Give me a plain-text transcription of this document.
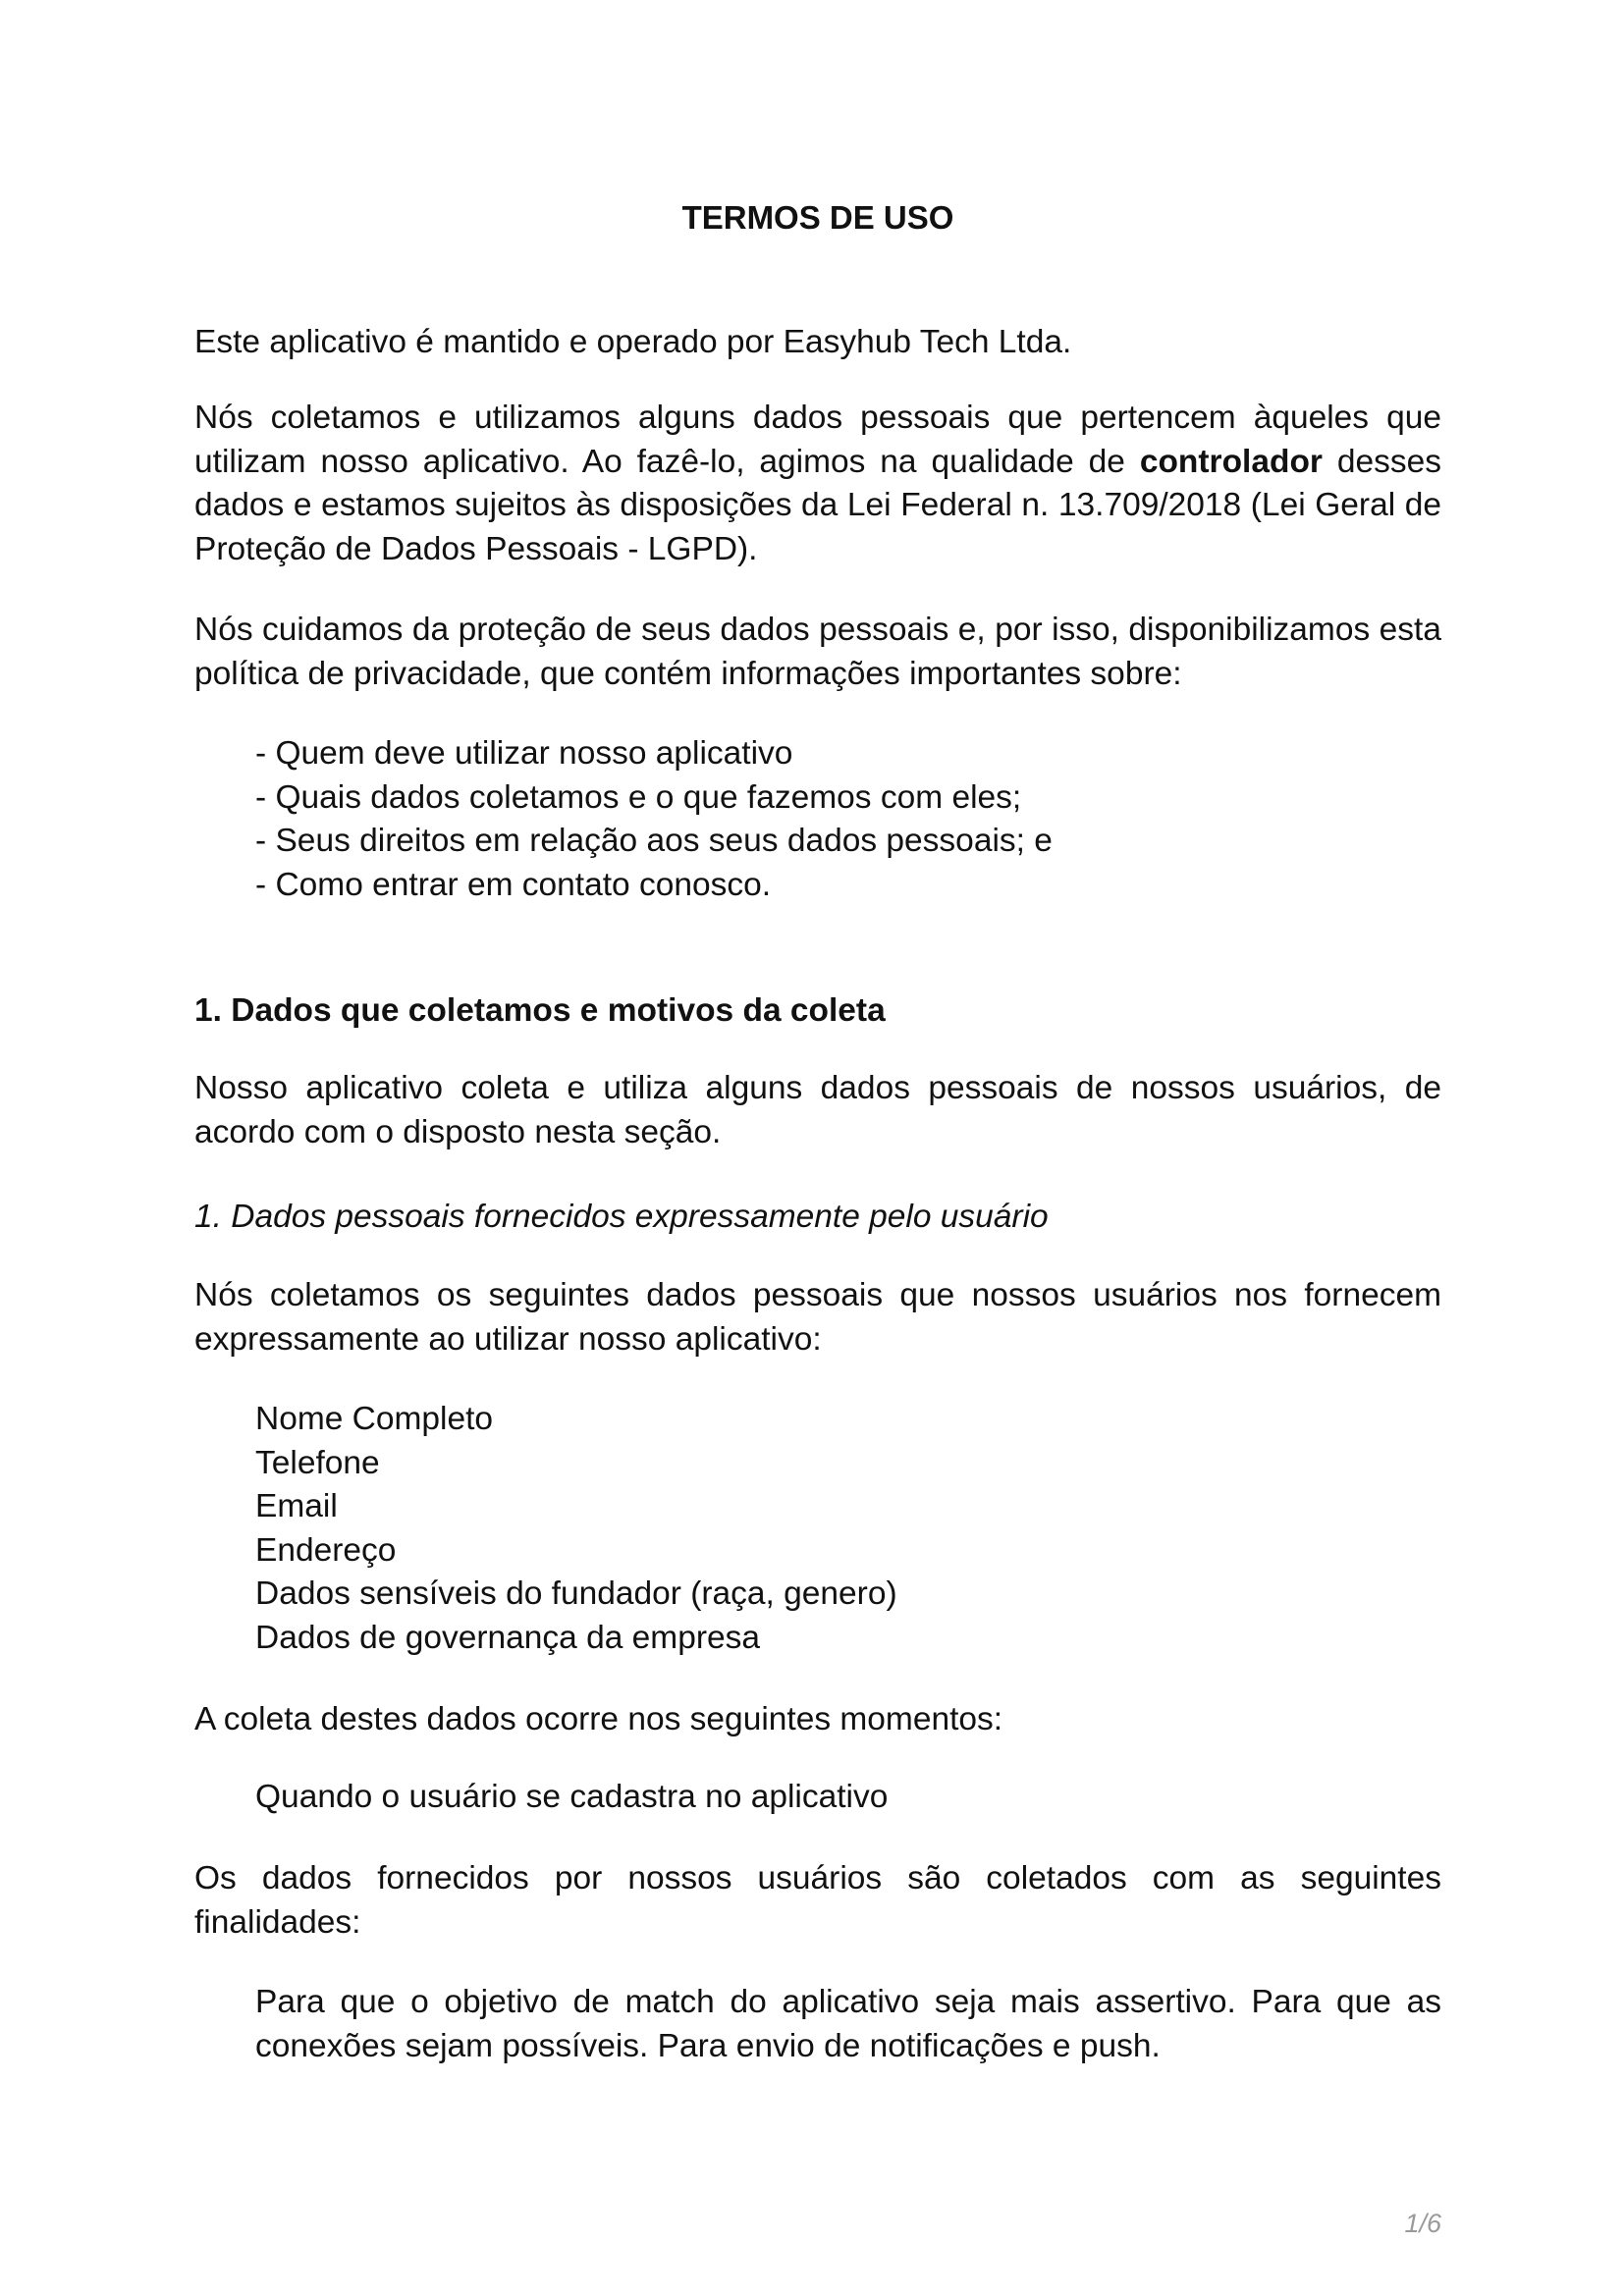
TERMOS DE USO

Este aplicativo é mantido e operado por Easyhub Tech Ltda.

Nós coletamos e utilizamos alguns dados pessoais que pertencem àqueles que utilizam nosso aplicativo. Ao fazê-lo, agimos na qualidade de controlador desses dados e estamos sujeitos às disposições da Lei Federal n. 13.709/2018 (Lei Geral de Proteção de Dados Pessoais - LGPD).

Nós cuidamos da proteção de seus dados pessoais e, por isso, disponibilizamos esta política de privacidade, que contém informações importantes sobre:

- Quem deve utilizar nosso aplicativo
- Quais dados coletamos e o que fazemos com eles;
- Seus direitos em relação aos seus dados pessoais; e
- Como entrar em contato conosco.
1. Dados que coletamos e motivos da coleta

Nosso aplicativo coleta e utiliza alguns dados pessoais de nossos usuários, de acordo com o disposto nesta seção.

1. Dados pessoais fornecidos expressamente pelo usuário

Nós coletamos os seguintes dados pessoais que nossos usuários nos fornecem expressamente ao utilizar nosso aplicativo:

Nome Completo
Telefone
Email
Endereço
Dados sensíveis do fundador (raça, genero)
Dados de governança da empresa

A coleta destes dados ocorre nos seguintes momentos:

Quando o usuário se cadastra no aplicativo

Os dados fornecidos por nossos usuários são coletados com as seguintes finalidades:

Para que o objetivo de match do aplicativo seja mais assertivo. Para que as conexões sejam possíveis. Para envio de notificações e push.

1/6
